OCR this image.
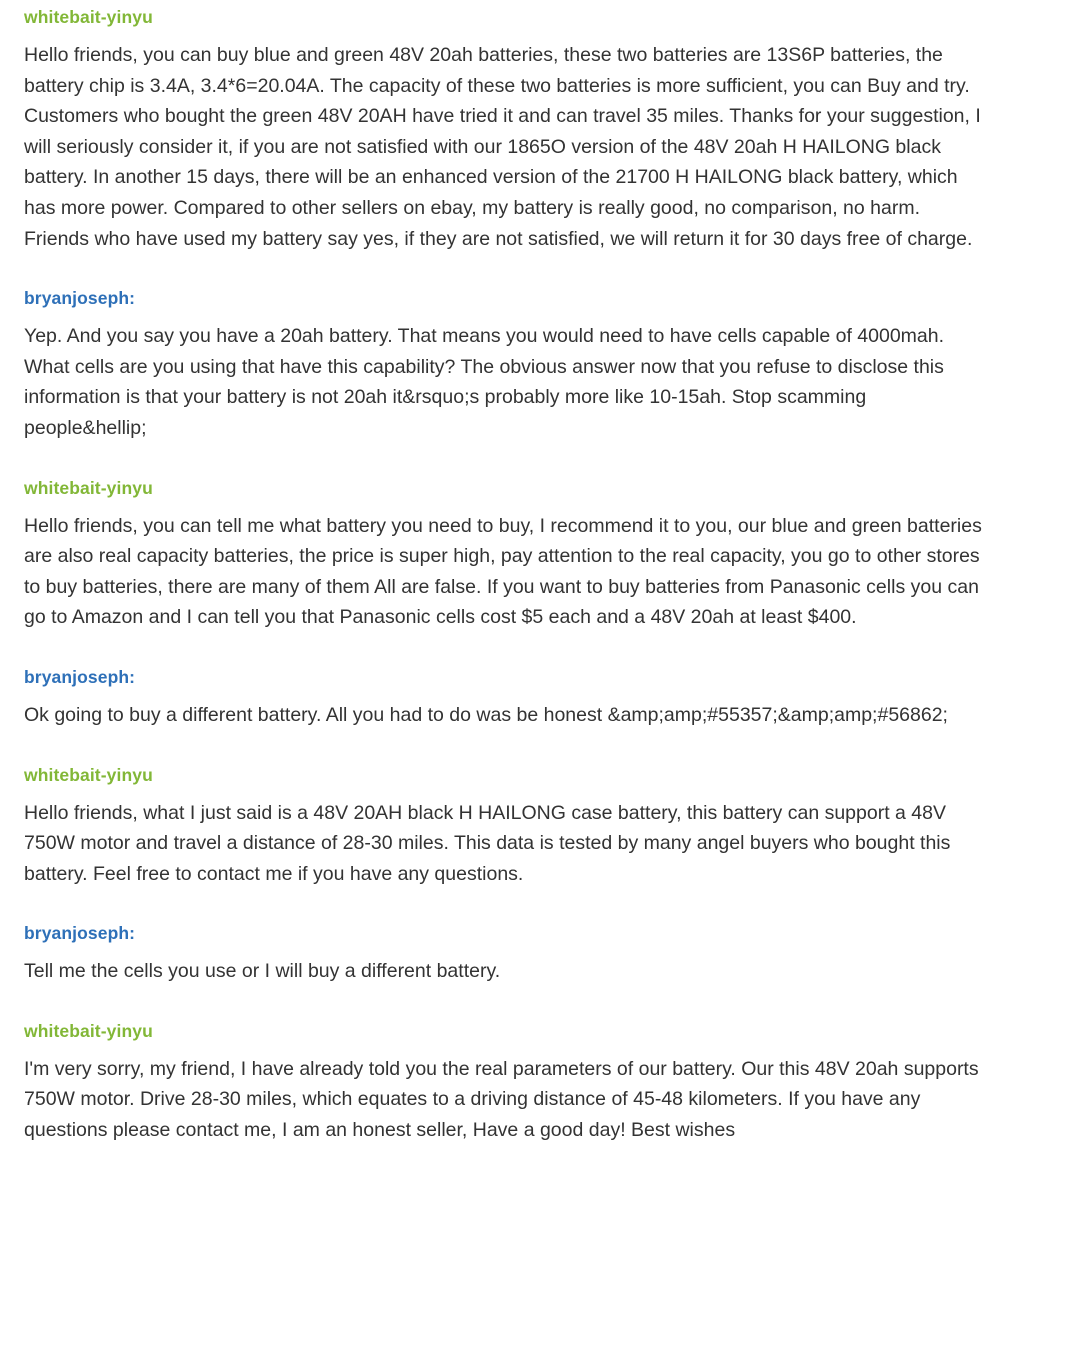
whitebait-yinyu

Hello friends, you can buy blue and green 48V 20ah batteries, these two batteries are 13S6P batteries, the battery chip is 3.4A, 3.4*6=20.04A. The capacity of these two batteries is more sufficient, you can Buy and try. Customers who bought the green 48V 20AH have tried it and can travel 35 miles. Thanks for your suggestion, I will seriously consider it, if you are not satisfied with our 1865O version of the 48V 20ah H HAILONG black battery. In another 15 days, there will be an enhanced version of the 21700 H HAILONG black battery, which has more power. Compared to other sellers on ebay, my battery is really good, no comparison, no harm. Friends who have used my battery say yes, if they are not satisfied, we will return it for 30 days free of charge.

bryanjoseph:

Yep. And you say you have a 20ah battery. That means you would need to have cells capable of 4000mah. What cells are you using that have this capability? The obvious answer now that you refuse to disclose this information is that your battery is not 20ah it&rsquo;s probably more like 10-15ah. Stop scamming people&hellip;

whitebait-yinyu

Hello friends, you can tell me what battery you need to buy, I recommend it to you, our blue and green batteries are also real capacity batteries, the price is super high, pay attention to the real capacity, you go to other stores to buy batteries, there are many of them All are false. If you want to buy batteries from Panasonic cells you can go to Amazon and I can tell you that Panasonic cells cost $5 each and a 48V 20ah at least $400.

bryanjoseph:

Ok going to buy a different battery. All you had to do was be honest &amp;amp;#55357;&amp;amp;#56862;

whitebait-yinyu

Hello friends, what I just said is a 48V 20AH black H HAILONG case battery, this battery can support a 48V 750W motor and travel a distance of 28-30 miles. This data is tested by many angel buyers who bought this battery. Feel free to contact me if you have any questions.

bryanjoseph:

Tell me the cells you use or I will buy a different battery.

whitebait-yinyu

I'm very sorry, my friend, I have already told you the real parameters of our battery. Our this 48V 20ah supports 750W motor. Drive 28-30 miles, which equates to a driving distance of 45-48 kilometers. If you have any questions please contact me, I am an honest seller, Have a good day! Best wishes
